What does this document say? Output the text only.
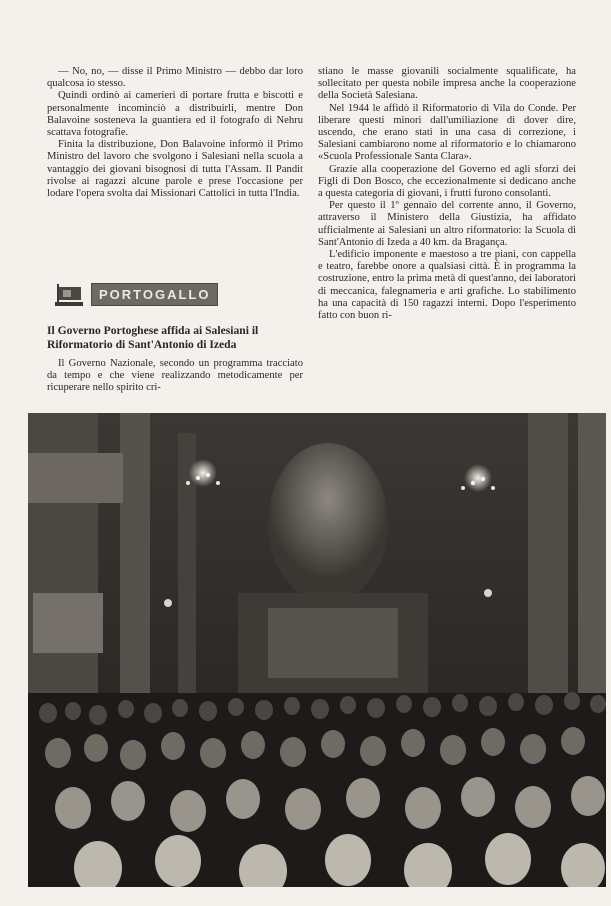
— No, no, — disse il Primo Ministro — debbo dar loro qualcosa io stesso.

Quindi ordinò ai camerieri di portare frutta e biscotti e personalmente incominciò a distribuirli, mentre Don Balavoine sosteneva la guantiera ed il fotografo di Nehru scattava fotografie.

Finita la distribuzione, Don Balavoine informò il Primo Ministro del lavoro che svolgono i Salesiani nella scuola a vantaggio dei giovani bisognosi di tutta l'Assam. Il Pandit rivolse ai ragazzi alcune parole e prese l'occasione per lodare l'opera svolta dai Missionari Cattolici in tutta l'India.

PORTOGALLO
Il Governo Portoghese affida ai Salesiani il Riformatorio di Sant'Antonio di Izeda

Il Governo Nazionale, secondo un programma tracciato da tempo e che viene realizzando metodicamente per ricuperare nello spirito cri-

stiano le masse giovanili socialmente squalificate, ha sollecitato per questa nobile impresa anche la cooperazione della Società Salesiana.

Nel 1944 le affidò il Riformatorio di Vila do Conde. Per liberare questi minori dall'umiliazione di dover dire, uscendo, che erano stati in una casa di correzione, i Salesiani cambiarono nome al riformatorio e lo chiamarono «Scuola Professionale Santa Clara».

Grazie alla cooperazione del Governo ed agli sforzi dei Figli di Don Bosco, che eccezionalmente si dedicano anche a questa categoria di giovani, i frutti furono consolanti.

Per questo il 1º gennaio del corrente anno, il Governo, attraverso il Ministero della Giustizia, ha affidato ufficialmente ai Salesiani un altro riformatorio: la Scuola di Sant'Antonio di Izeda a 40 km. da Bragança.

L'edificio imponente e maestoso a tre piani, con cappella e teatro, farebbe onore a qualsiasi città. È in programma la costruzione, entro la prima metà di quest'anno, dei laboratori di meccanica, falegnameria e arti grafiche. Lo stabilimento ha una capacità di 150 ragazzi interni. Dopo l'esperimento fatto con buon ri-
